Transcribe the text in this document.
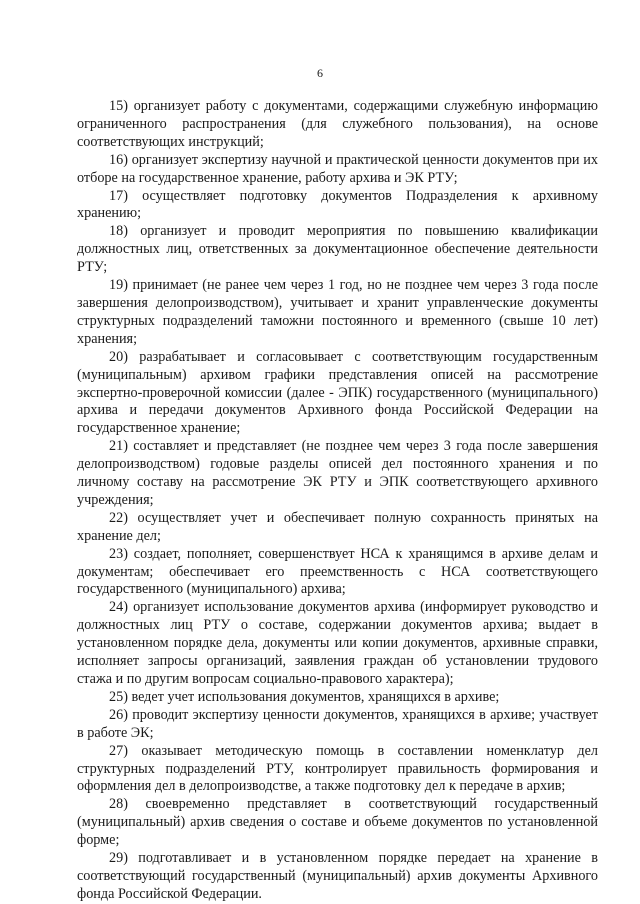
6

15) организует работу с документами, содержащими служебную информацию ограниченного распространения (для служебного пользования), на основе соответствующих инструкций;

16) организует экспертизу научной и практической ценности документов при их отборе на государственное хранение, работу архива и ЭК РТУ;

17) осуществляет подготовку документов Подразделения к архивному хранению;

18) организует и проводит мероприятия по повышению квалификации должностных лиц, ответственных за документационное обеспечение деятельности РТУ;

19) принимает (не ранее чем через 1 год, но не позднее чем через 3 года после завершения делопроизводством), учитывает и хранит управленческие документы структурных подразделений таможни постоянного и временного (свыше 10 лет) хранения;

20) разрабатывает и согласовывает с соответствующим государственным (муниципальным) архивом графики представления описей на рассмотрение экспертно-проверочной комиссии (далее - ЭПК) государственного (муниципального) архива и передачи документов Архивного фонда Российской Федерации на государственное хранение;

21) составляет и представляет (не позднее чем через 3 года после завершения делопроизводством) годовые разделы описей дел постоянного хранения и по личному составу на рассмотрение ЭК РТУ и ЭПК соответствующего архивного учреждения;

22) осуществляет учет и обеспечивает полную сохранность принятых на хранение дел;

23) создает, пополняет, совершенствует НСА к хранящимся в архиве делам и документам; обеспечивает его преемственность с НСА соответствующего государственного (муниципального) архива;

24) организует использование документов архива (информирует руководство и должностных лиц РТУ о составе, содержании документов архива; выдает в установленном порядке дела, документы или копии документов, архивные справки, исполняет запросы организаций, заявления граждан об установлении трудового стажа и по другим вопросам социально-правового характера);

25) ведет учет использования документов, хранящихся в архиве;

26) проводит экспертизу ценности документов, хранящихся в архиве; участвует в работе ЭК;

27) оказывает методическую помощь в составлении номенклатур дел структурных подразделений РТУ, контролирует правильность формирования и оформления дел в делопроизводстве, а также подготовку дел к передаче в архив;

28) своевременно представляет в соответствующий государственный (муниципальный) архив сведения о составе и объеме документов по установленной форме;

29) подготавливает и в установленном порядке передает на хранение в соответствующий государственный (муниципальный) архив документы Архивного фонда Российской Федерации.
